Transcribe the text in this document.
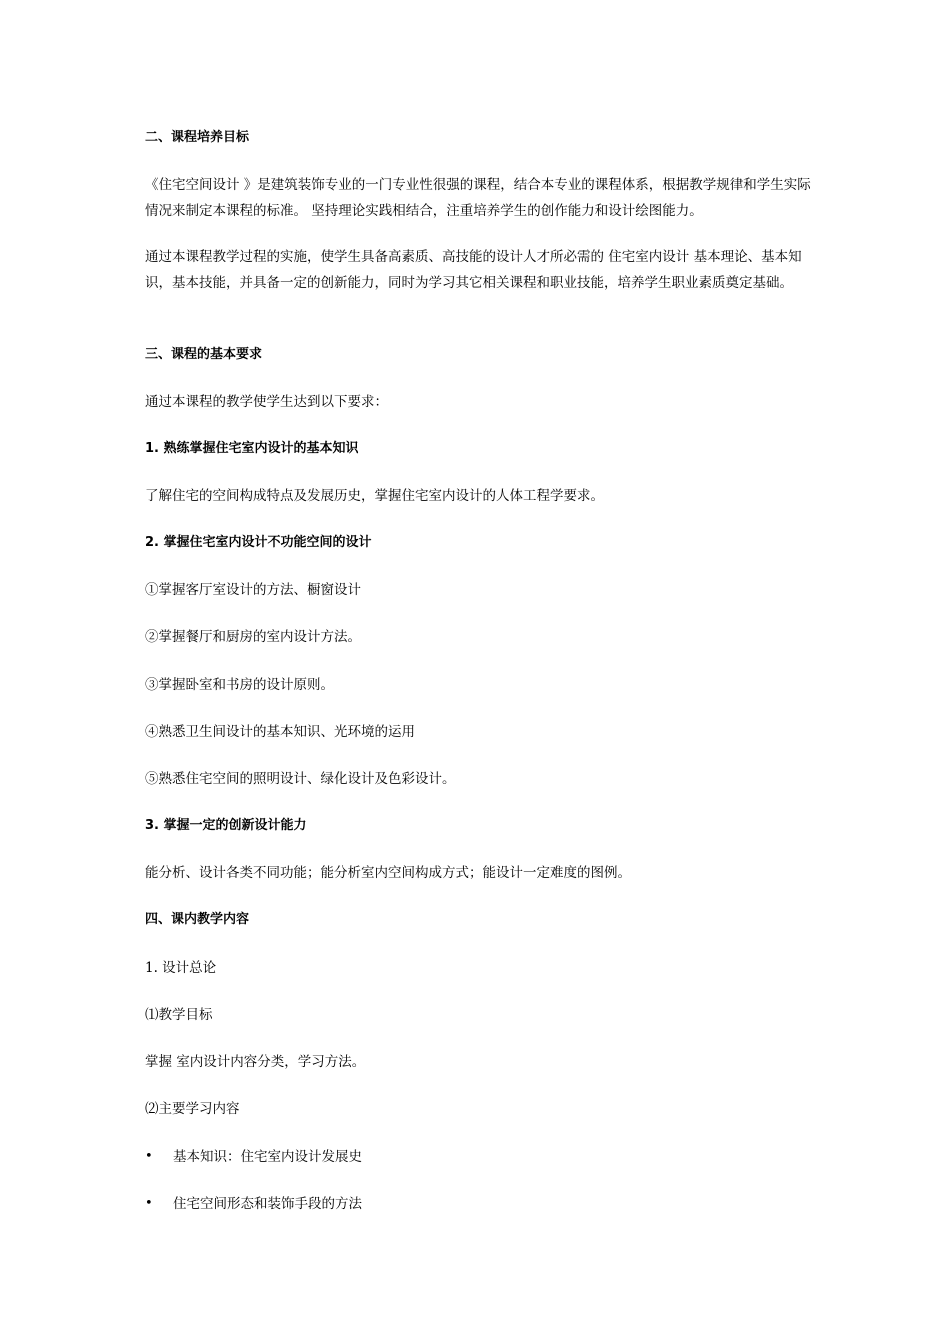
二、课程培养目标

《住宅空间设计 》是建筑装饰专业的一门专业性很强的课程，结合本专业的课程体系，根据教学规律和学生实际情况来制定本课程的标准。 坚持理论实践相结合，注重培养学生的创作能力和设计绘图能力。

通过本课程教学过程的实施，使学生具备高素质、高技能的设计人才所必需的 住宅室内设计 基本理论、基本知识，基本技能，并具备一定的创新能力，同时为学习其它相关课程和职业技能，培养学生职业素质奠定基础。

三、课程的基本要求

通过本课程的教学使学生达到以下要求：

1. 熟练掌握住宅室内设计的基本知识

了解住宅的空间构成特点及发展历史，掌握住宅室内设计的人体工程学要求。

2. 掌握住宅室内设计不功能空间的设计

①掌握客厅室设计的方法、橱窗设计

②掌握餐厅和厨房的室内设计方法。

③掌握卧室和书房的设计原则。

④熟悉卫生间设计的基本知识、光环境的运用

⑤熟悉住宅空间的照明设计、绿化设计及色彩设计。

3. 掌握一定的创新设计能力

能分析、设计各类不同功能；能分析室内空间构成方式；能设计一定难度的图例。

四、课内教学内容

1. 设计总论

⑴教学目标

掌握 室内设计内容分类，学习方法。

⑵主要学习内容

• 基本知识：住宅室内设计发展史
• 住宅空间形态和装饰手段的方法
